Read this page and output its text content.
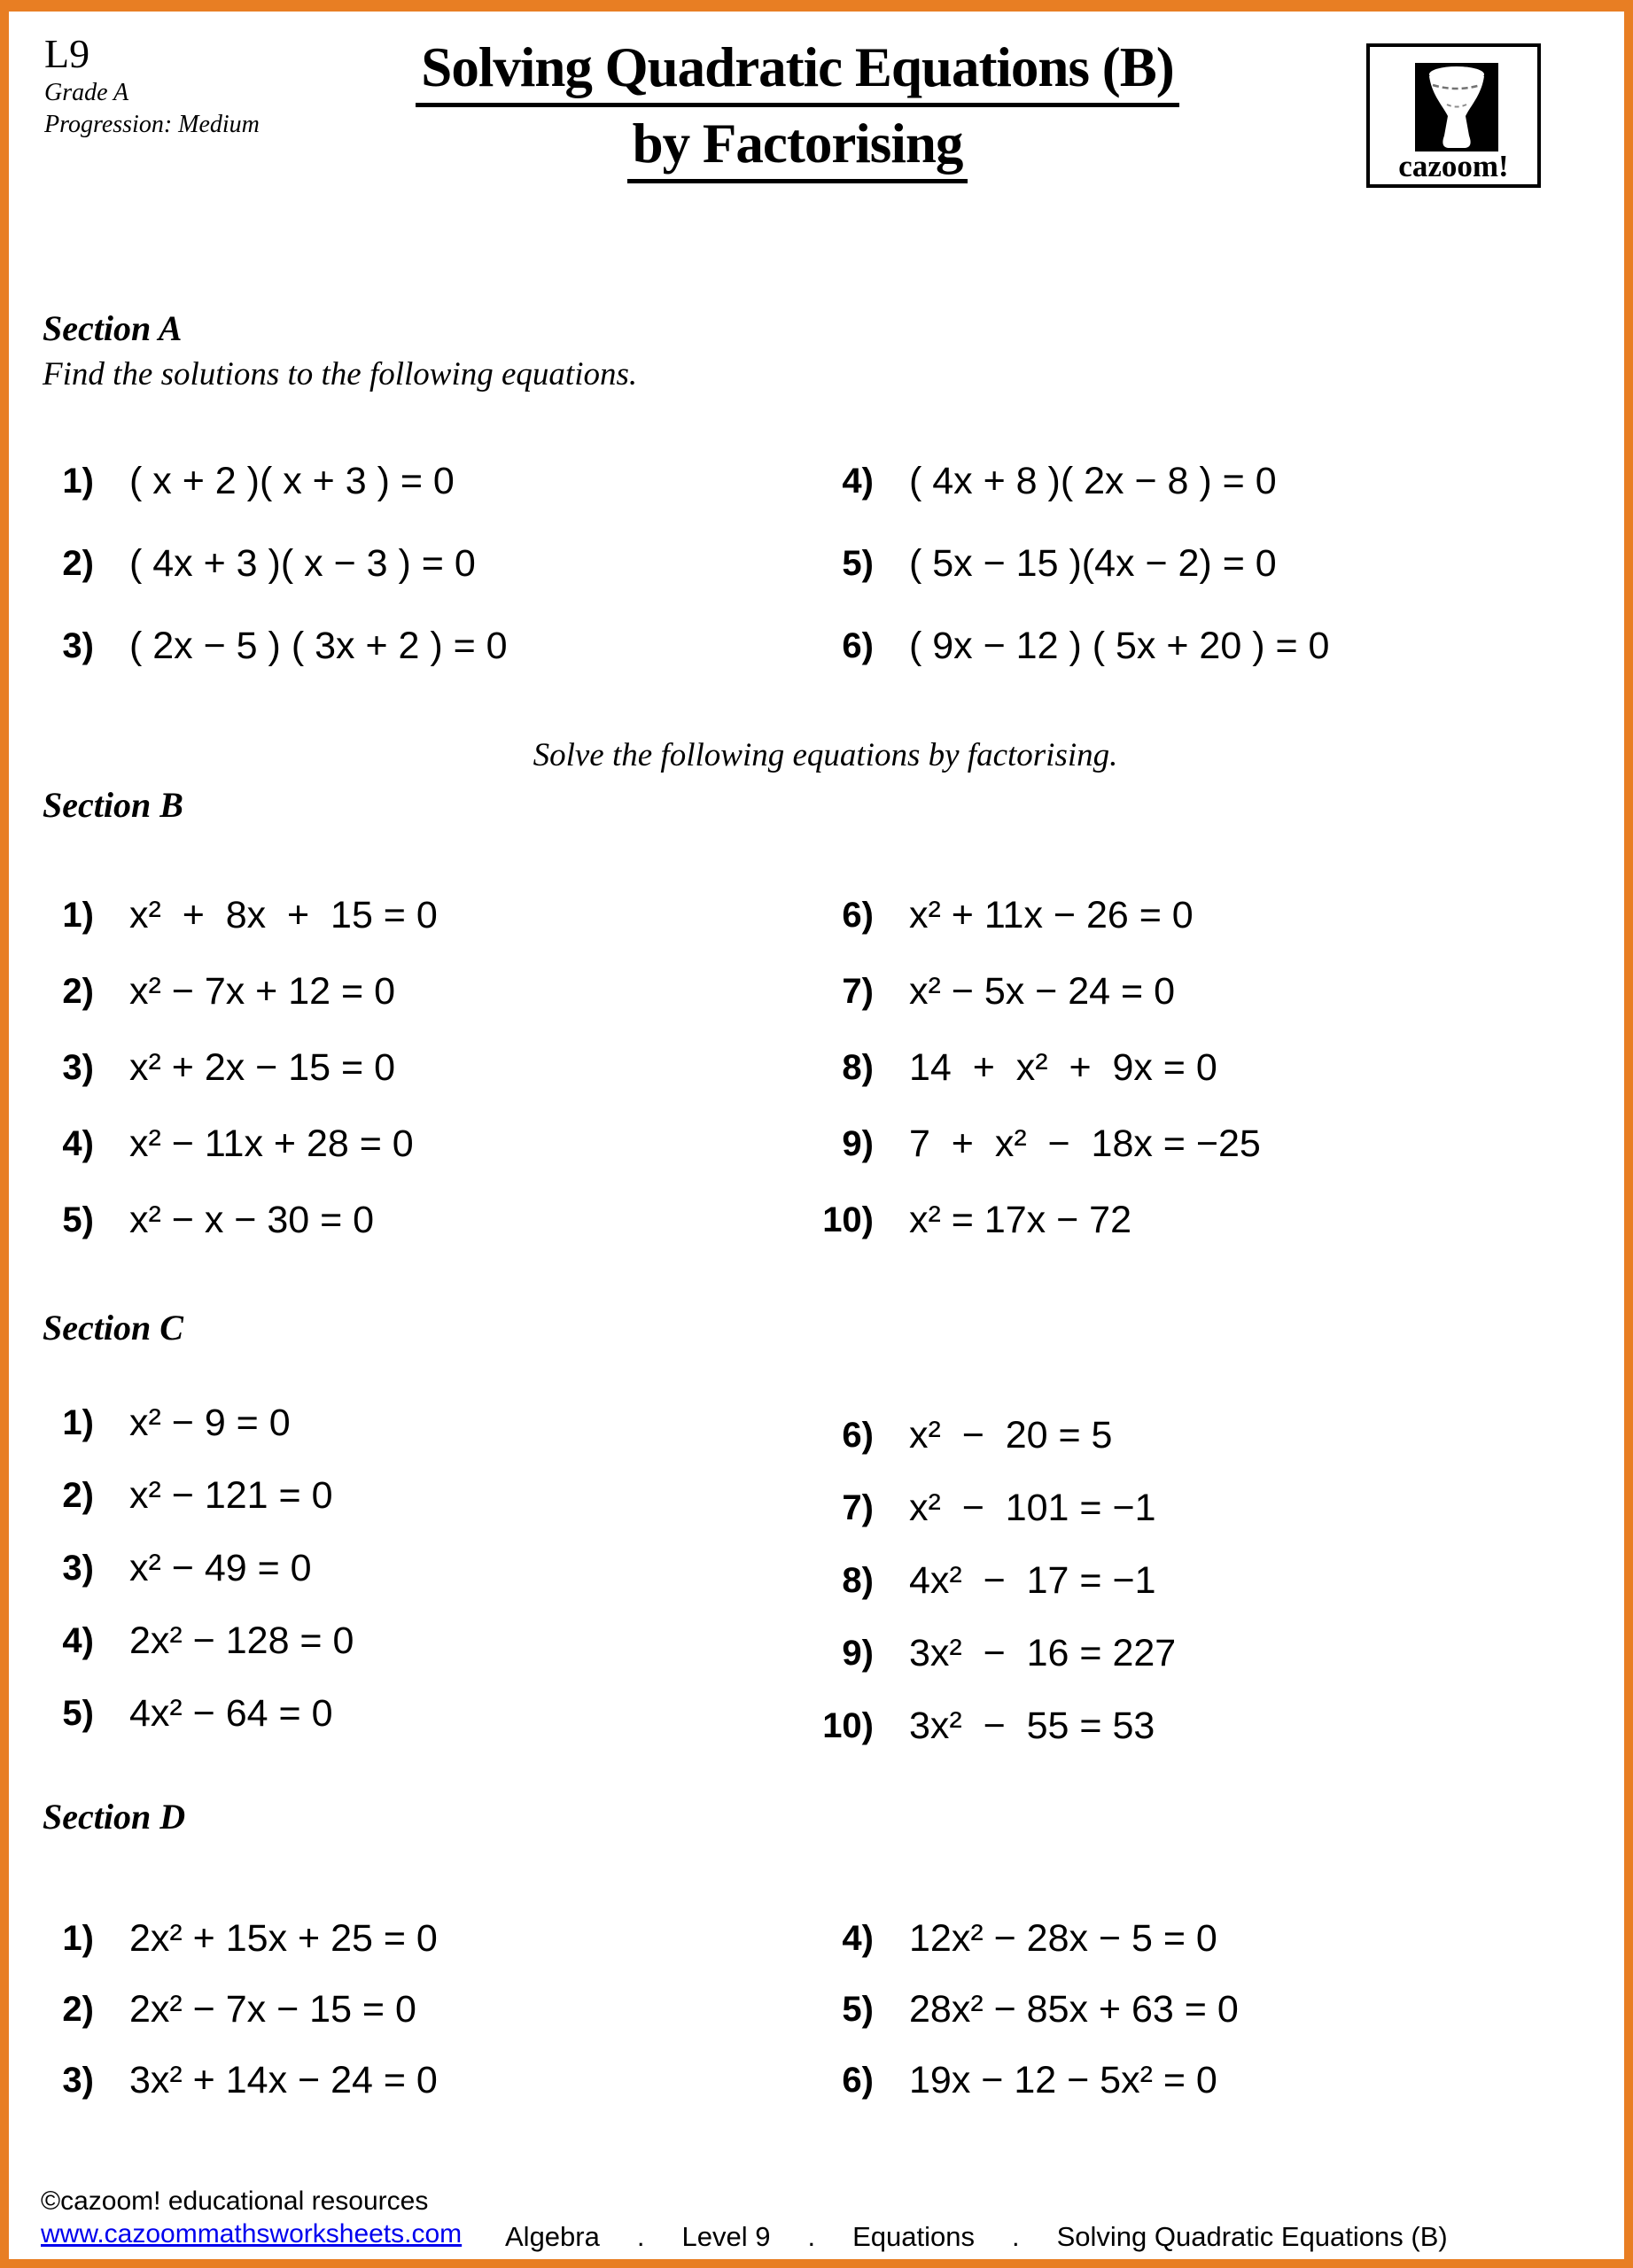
L9
Grade A
Progression: Medium
Solving Quadratic Equations (B)
by Factorising	cazoom!
Section A
Find the solutions to the following equations.
1) ( x + 2 )( x + 3 ) = 0
2) ( 4x + 3 )( x − 3 ) = 0
3) ( 2x − 5 ) ( 3x + 2 ) = 0
4) ( 4x + 8 )( 2x − 8 ) = 0
5) ( 5x − 15 )(4x − 2) = 0
6) ( 9x − 12 ) ( 5x + 20 ) = 0
Solve the following equations by factorising.
Section B
1) x²  +  8x  +  15 = 0
2) x² − 7x + 12 = 0
3) x² + 2x − 15 = 0
4) x² − 11x + 28 = 0
5) x² − x − 30 = 0
6) x² + 11x − 26 = 0
7) x² − 5x − 24 = 0
8) 14  +  x²  +  9x = 0
9) 7  +  x²  −  18x = −25
10) x² = 17x − 72
Section C
1) x² − 9 = 0
2) x² − 121 = 0
3) x² − 49 = 0
4) 2x² − 128 = 0
5) 4x² − 64 = 0
6) x²  −  20 = 5
7) x²  −  101 = −1
8) 4x²  −  17 = −1
9) 3x²  −  16 = 227
10) 3x²  −  55 = 53
Section D
1) 2x² + 15x + 25 = 0
2) 2x² − 7x − 15 = 0
3) 3x² + 14x − 24 = 0
4) 12x² − 28x − 5 = 0
5) 28x² − 85x + 63 = 0
6) 19x − 12 − 5x² = 0
©cazoom! educational resources
www.cazoommathsworksheets.com Algebra . Level 9 . Equations . Solving Quadratic Equations (B)
